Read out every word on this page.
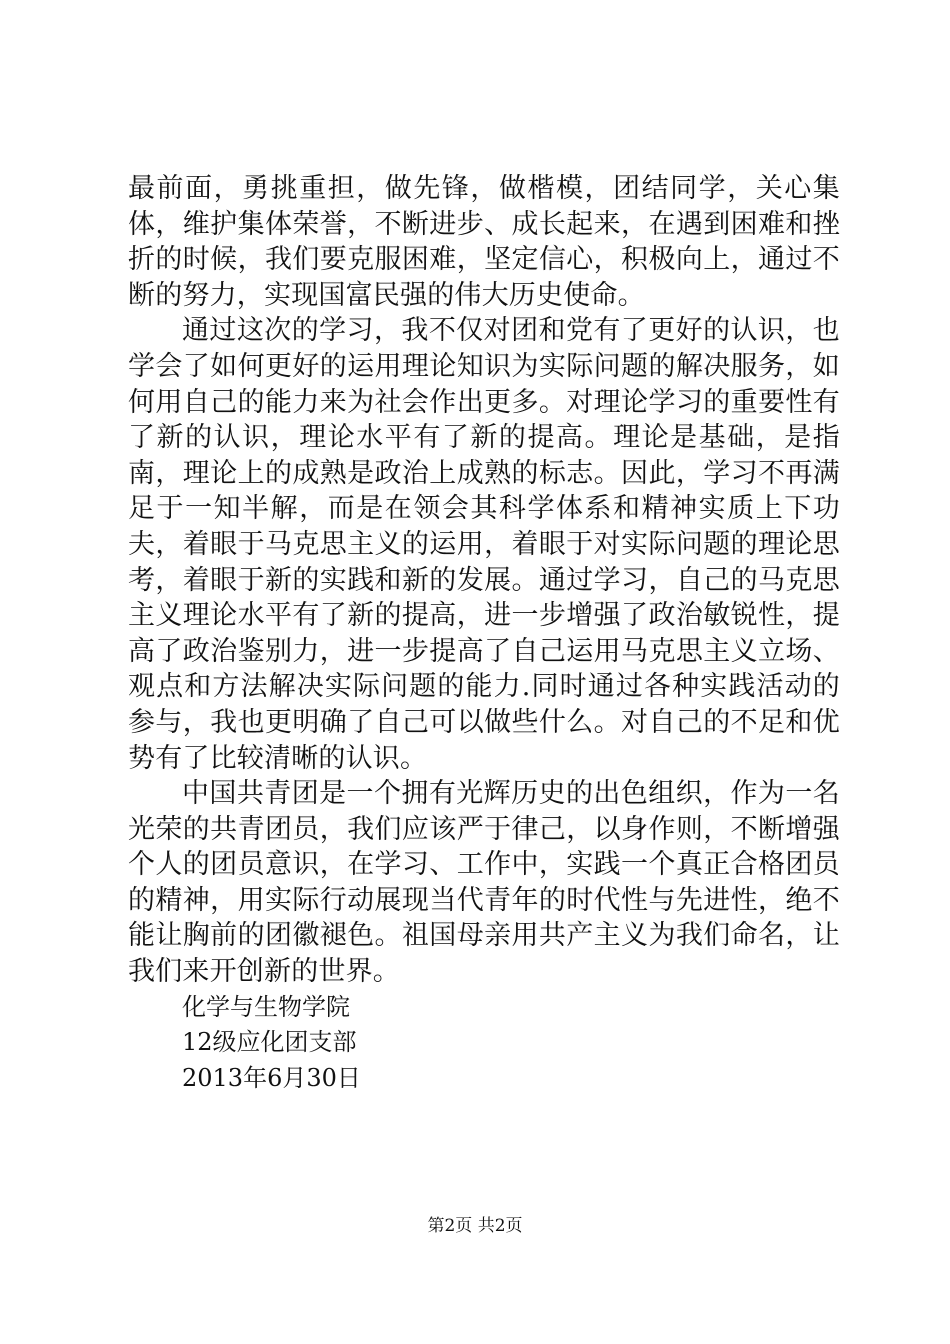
最前面，勇挑重担，做先锋，做楷模，团结同学，关心集体，维护集体荣誉，不断进步、成长起来，在遇到困难和挫折的时候，我们要克服困难，坚定信心，积极向上，通过不断的努力，实现国富民强的伟大历史使命。

通过这次的学习，我不仅对团和党有了更好的认识，也学会了如何更好的运用理论知识为实际问题的解决服务，如何用自己的能力来为社会作出更多。对理论学习的重要性有了新的认识，理论水平有了新的提高。理论是基础，是指南，理论上的成熟是政治上成熟的标志。因此，学习不再满足于一知半解，而是在领会其科学体系和精神实质上下功夫，着眼于马克思主义的运用，着眼于对实际问题的理论思考，着眼于新的实践和新的发展。通过学习，自己的马克思主义理论水平有了新的提高，进一步增强了政治敏锐性，提高了政治鉴别力，进一步提高了自己运用马克思主义立场、观点和方法解决实际问题的能力.同时通过各种实践活动的参与，我也更明确了自己可以做些什么。对自己的不足和优势有了比较清晰的认识。

中国共青团是一个拥有光辉历史的出色组织，作为一名光荣的共青团员，我们应该严于律己，以身作则，不断增强个人的团员意识，在学习、工作中，实践一个真正合格团员的精神，用实际行动展现当代青年的时代性与先进性，绝不能让胸前的团徽褪色。祖国母亲用共产主义为我们命名，让我们来开创新的世界。

化学与生物学院

12级应化团支部

2013年6月30日

第2页 共2页
